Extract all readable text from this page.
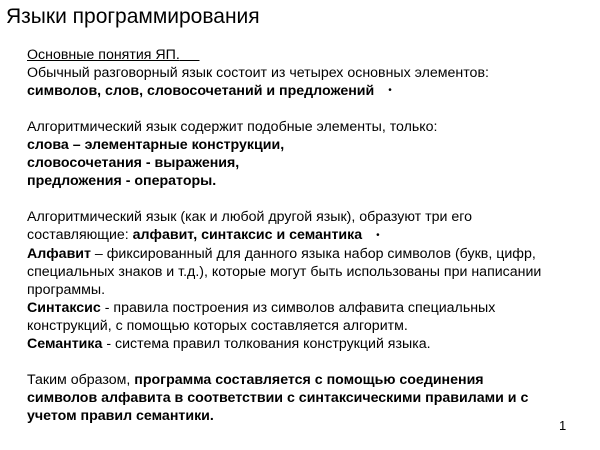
Языки программирования
Основные понятия ЯП.
Обычный разговорный язык состоит из четырех основных элементов:
символов, слов, словосочетаний и предложений •
Алгоритмический язык содержит подобные элементы, только:
слова – элементарные конструкции,
словосочетания - выражения,
предложения - операторы.
Алгоритмический язык (как и любой другой язык), образуют три его
составляющие: алфавит, синтаксис и семантика •
Алфавит – фиксированный для данного языка набор символов (букв, цифр,
специальных знаков и т.д.), которые могут быть использованы при написании
программы.
Синтаксис - правила построения из символов алфавита специальных
конструкций, с помощью которых составляется алгоритм.
Семантика - система правил толкования конструкций языка.
Таким образом, программа составляется с помощью соединения
символов алфавита в соответствии с синтаксическими правилами и с
учетом правил семантики.
1
